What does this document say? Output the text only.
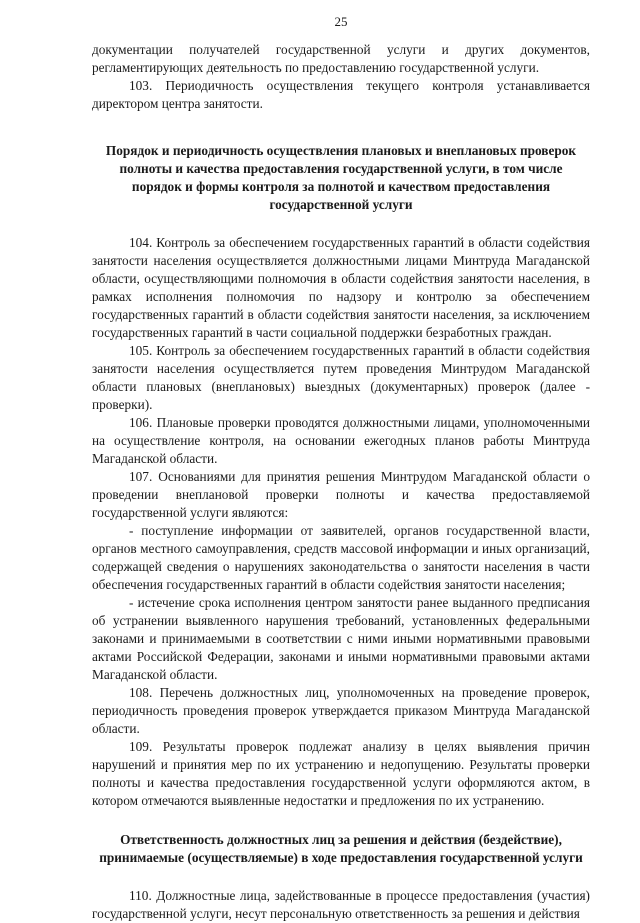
25

документации получателей государственной услуги и других документов, регламентирующих деятельность по предоставлению государственной услуги.

103. Периодичность осуществления текущего контроля устанавливается директором центра занятости.

Порядок и периодичность осуществления плановых и внеплановых проверок полноты и качества предоставления государственной услуги, в том числе порядок и формы контроля за полнотой и качеством предоставления государственной услуги

104. Контроль за обеспечением государственных гарантий в области содействия занятости населения осуществляется должностными лицами Минтруда Магаданской области, осуществляющими полномочия в области содействия занятости населения, в рамках исполнения полномочия по надзору и контролю за обеспечением государственных гарантий в области содействия занятости населения, за исключением государственных гарантий в части социальной поддержки безработных граждан.

105. Контроль за обеспечением государственных гарантий в области содействия занятости населения осуществляется путем проведения Минтрудом Магаданской области плановых (внеплановых) выездных (документарных) проверок (далее - проверки).

106. Плановые проверки проводятся должностными лицами, уполномоченными на осуществление контроля, на основании ежегодных планов работы Минтруда Магаданской области.

107. Основаниями для принятия решения Минтрудом Магаданской области о проведении внеплановой проверки полноты и качества предоставляемой государственной услуги являются:

- поступление информации от заявителей, органов государственной власти, органов местного самоуправления, средств массовой информации и иных организаций, содержащей сведения о нарушениях законодательства о занятости населения в части обеспечения государственных гарантий в области содействия занятости населения;

- истечение срока исполнения центром занятости ранее выданного предписания об устранении выявленного нарушения требований, установленных федеральными законами и принимаемыми в соответствии с ними иными нормативными правовыми актами Российской Федерации, законами и иными нормативными правовыми актами Магаданской области.

108. Перечень должностных лиц, уполномоченных на проведение проверок, периодичность проведения проверок утверждается приказом Минтруда Магаданской области.

109. Результаты проверок подлежат анализу в целях выявления причин нарушений и принятия мер по их устранению и недопущению. Результаты проверки полноты и качества предоставления государственной услуги оформляются актом, в котором отмечаются выявленные недостатки и предложения по их устранению.

Ответственность должностных лиц за решения и действия (бездействие), принимаемые (осуществляемые) в ходе предоставления государственной услуги

110. Должностные лица, задействованные в процессе предоставления (участия) государственной услуги, несут персональную ответственность за решения и действия
